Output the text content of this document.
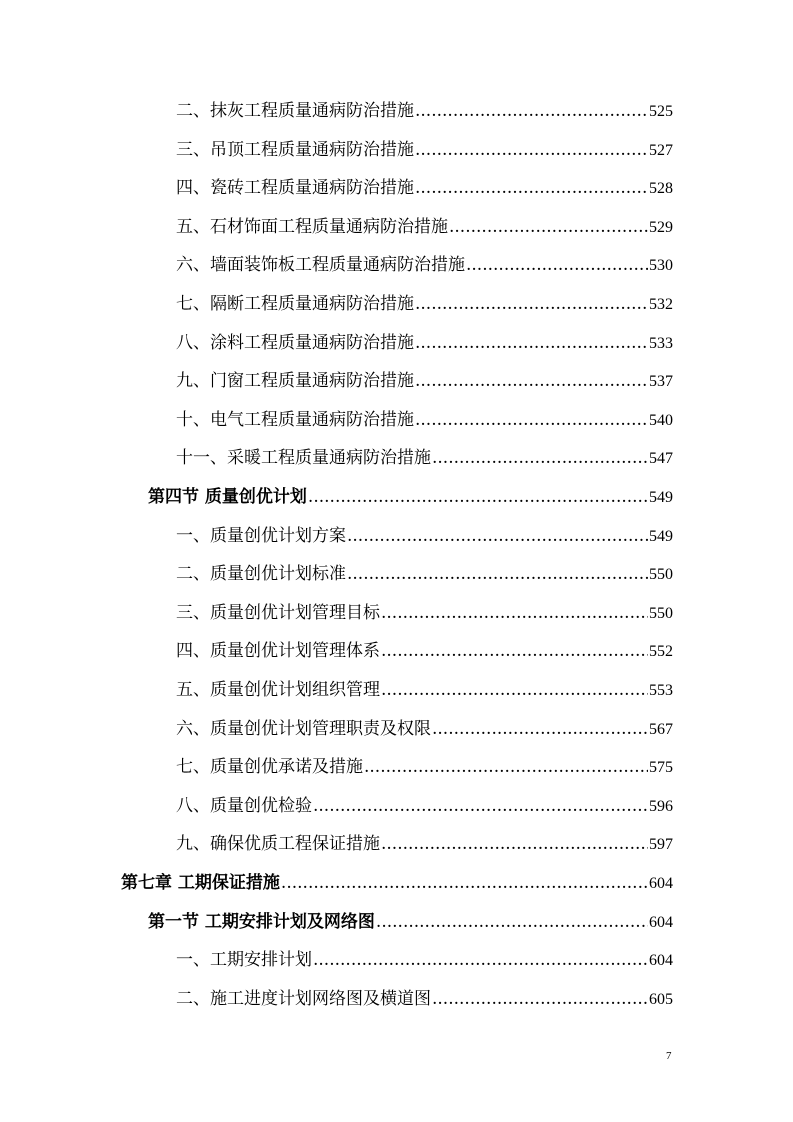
二、抹灰工程质量通病防治措施 .....	525
三、吊顶工程质量通病防治措施 .....	527
四、瓷砖工程质量通病防治措施 .....	528
五、石材饰面工程质量通病防治措施 .....	529
六、墙面装饰板工程质量通病防治措施 .....	530
七、隔断工程质量通病防治措施 .....	532
八、涂料工程质量通病防治措施 .....	533
九、门窗工程质量通病防治措施 .....	537
十、电气工程质量通病防治措施 .....	540
十一、采暖工程质量通病防治措施 .....	547
第四节 质量创优计划 .....	549
一、质量创优计划方案 .....	549
二、质量创优计划标准 .....	550
三、质量创优计划管理目标 .....	550
四、质量创优计划管理体系 .....	552
五、质量创优计划组织管理 .....	553
六、质量创优计划管理职责及权限 .....	567
七、质量创优承诺及措施 .....	575
八、质量创优检验 .....	596
九、确保优质工程保证措施 .....	597
第七章 工期保证措施 .....	604
第一节 工期安排计划及网络图 .....	604
一、工期安排计划 .....	604
二、施工进度计划网络图及横道图 .....	605
7
